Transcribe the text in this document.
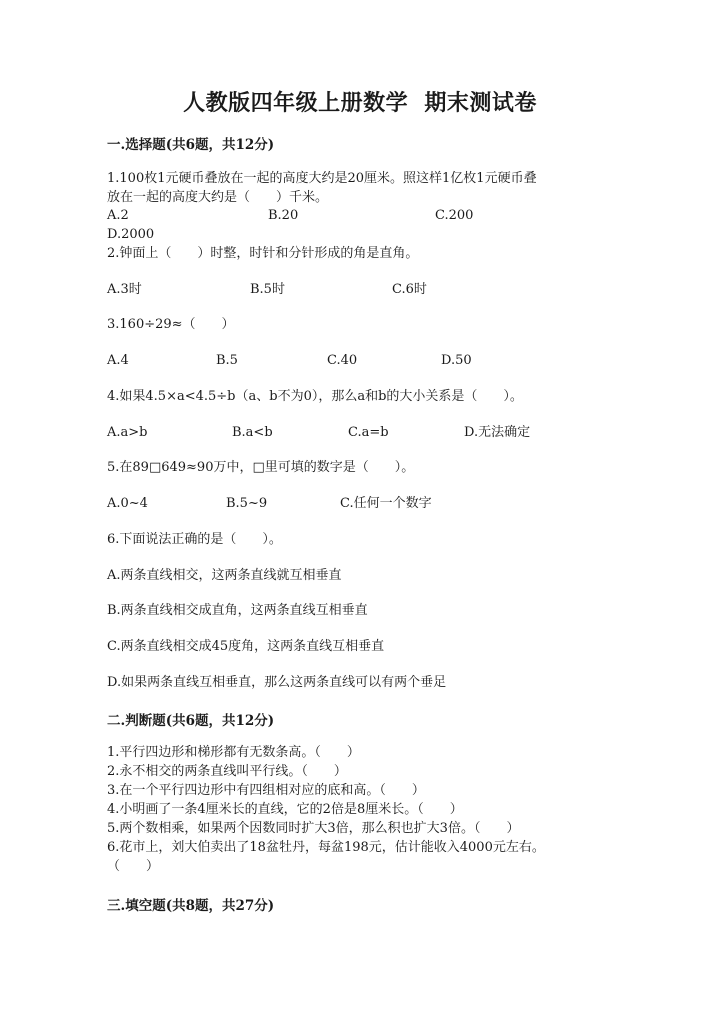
人教版四年级上册数学  期末测试卷
一.选择题(共6题，共12分)
1.100枚1元硬币叠放在一起的高度大约是20厘米。照这样1亿枚1元硬币叠
放在一起的高度大约是（　　）千米。
A.2	B.20	C.200
D.2000
2.钟面上（　　）时整，时针和分针形成的角是直角。
A.3时	B.5时	C.6时
3.160÷29≈（　　）
A.4	B.5	C.40	D.50
4.如果4.5×a<4.5÷b（a、b不为0），那么a和b的大小关系是（　　）。
A.a>b	B.a<b	C.a=b	D.无法确定
5.在89□649≈90万中，□里可填的数字是（　　）。
A.0~4	B.5~9	C.任何一个数字
6.下面说法正确的是（　　）。
A.两条直线相交，这两条直线就互相垂直
B.两条直线相交成直角，这两条直线互相垂直
C.两条直线相交成45度角，这两条直线互相垂直
D.如果两条直线互相垂直，那么这两条直线可以有两个垂足
二.判断题(共6题，共12分)
1.平行四边形和梯形都有无数条高。（　　）
2.永不相交的两条直线叫平行线。（　　）
3.在一个平行四边形中有四组相对应的底和高。（　　）
4.小明画了一条4厘米长的直线，它的2倍是8厘米长。（　　）
5.两个数相乘，如果两个因数同时扩大3倍，那么积也扩大3倍。（　　）
6.花市上，刘大伯卖出了18盆牡丹，每盆198元，估计能收入4000元左右。
（　　）
三.填空题(共8题，共27分)
